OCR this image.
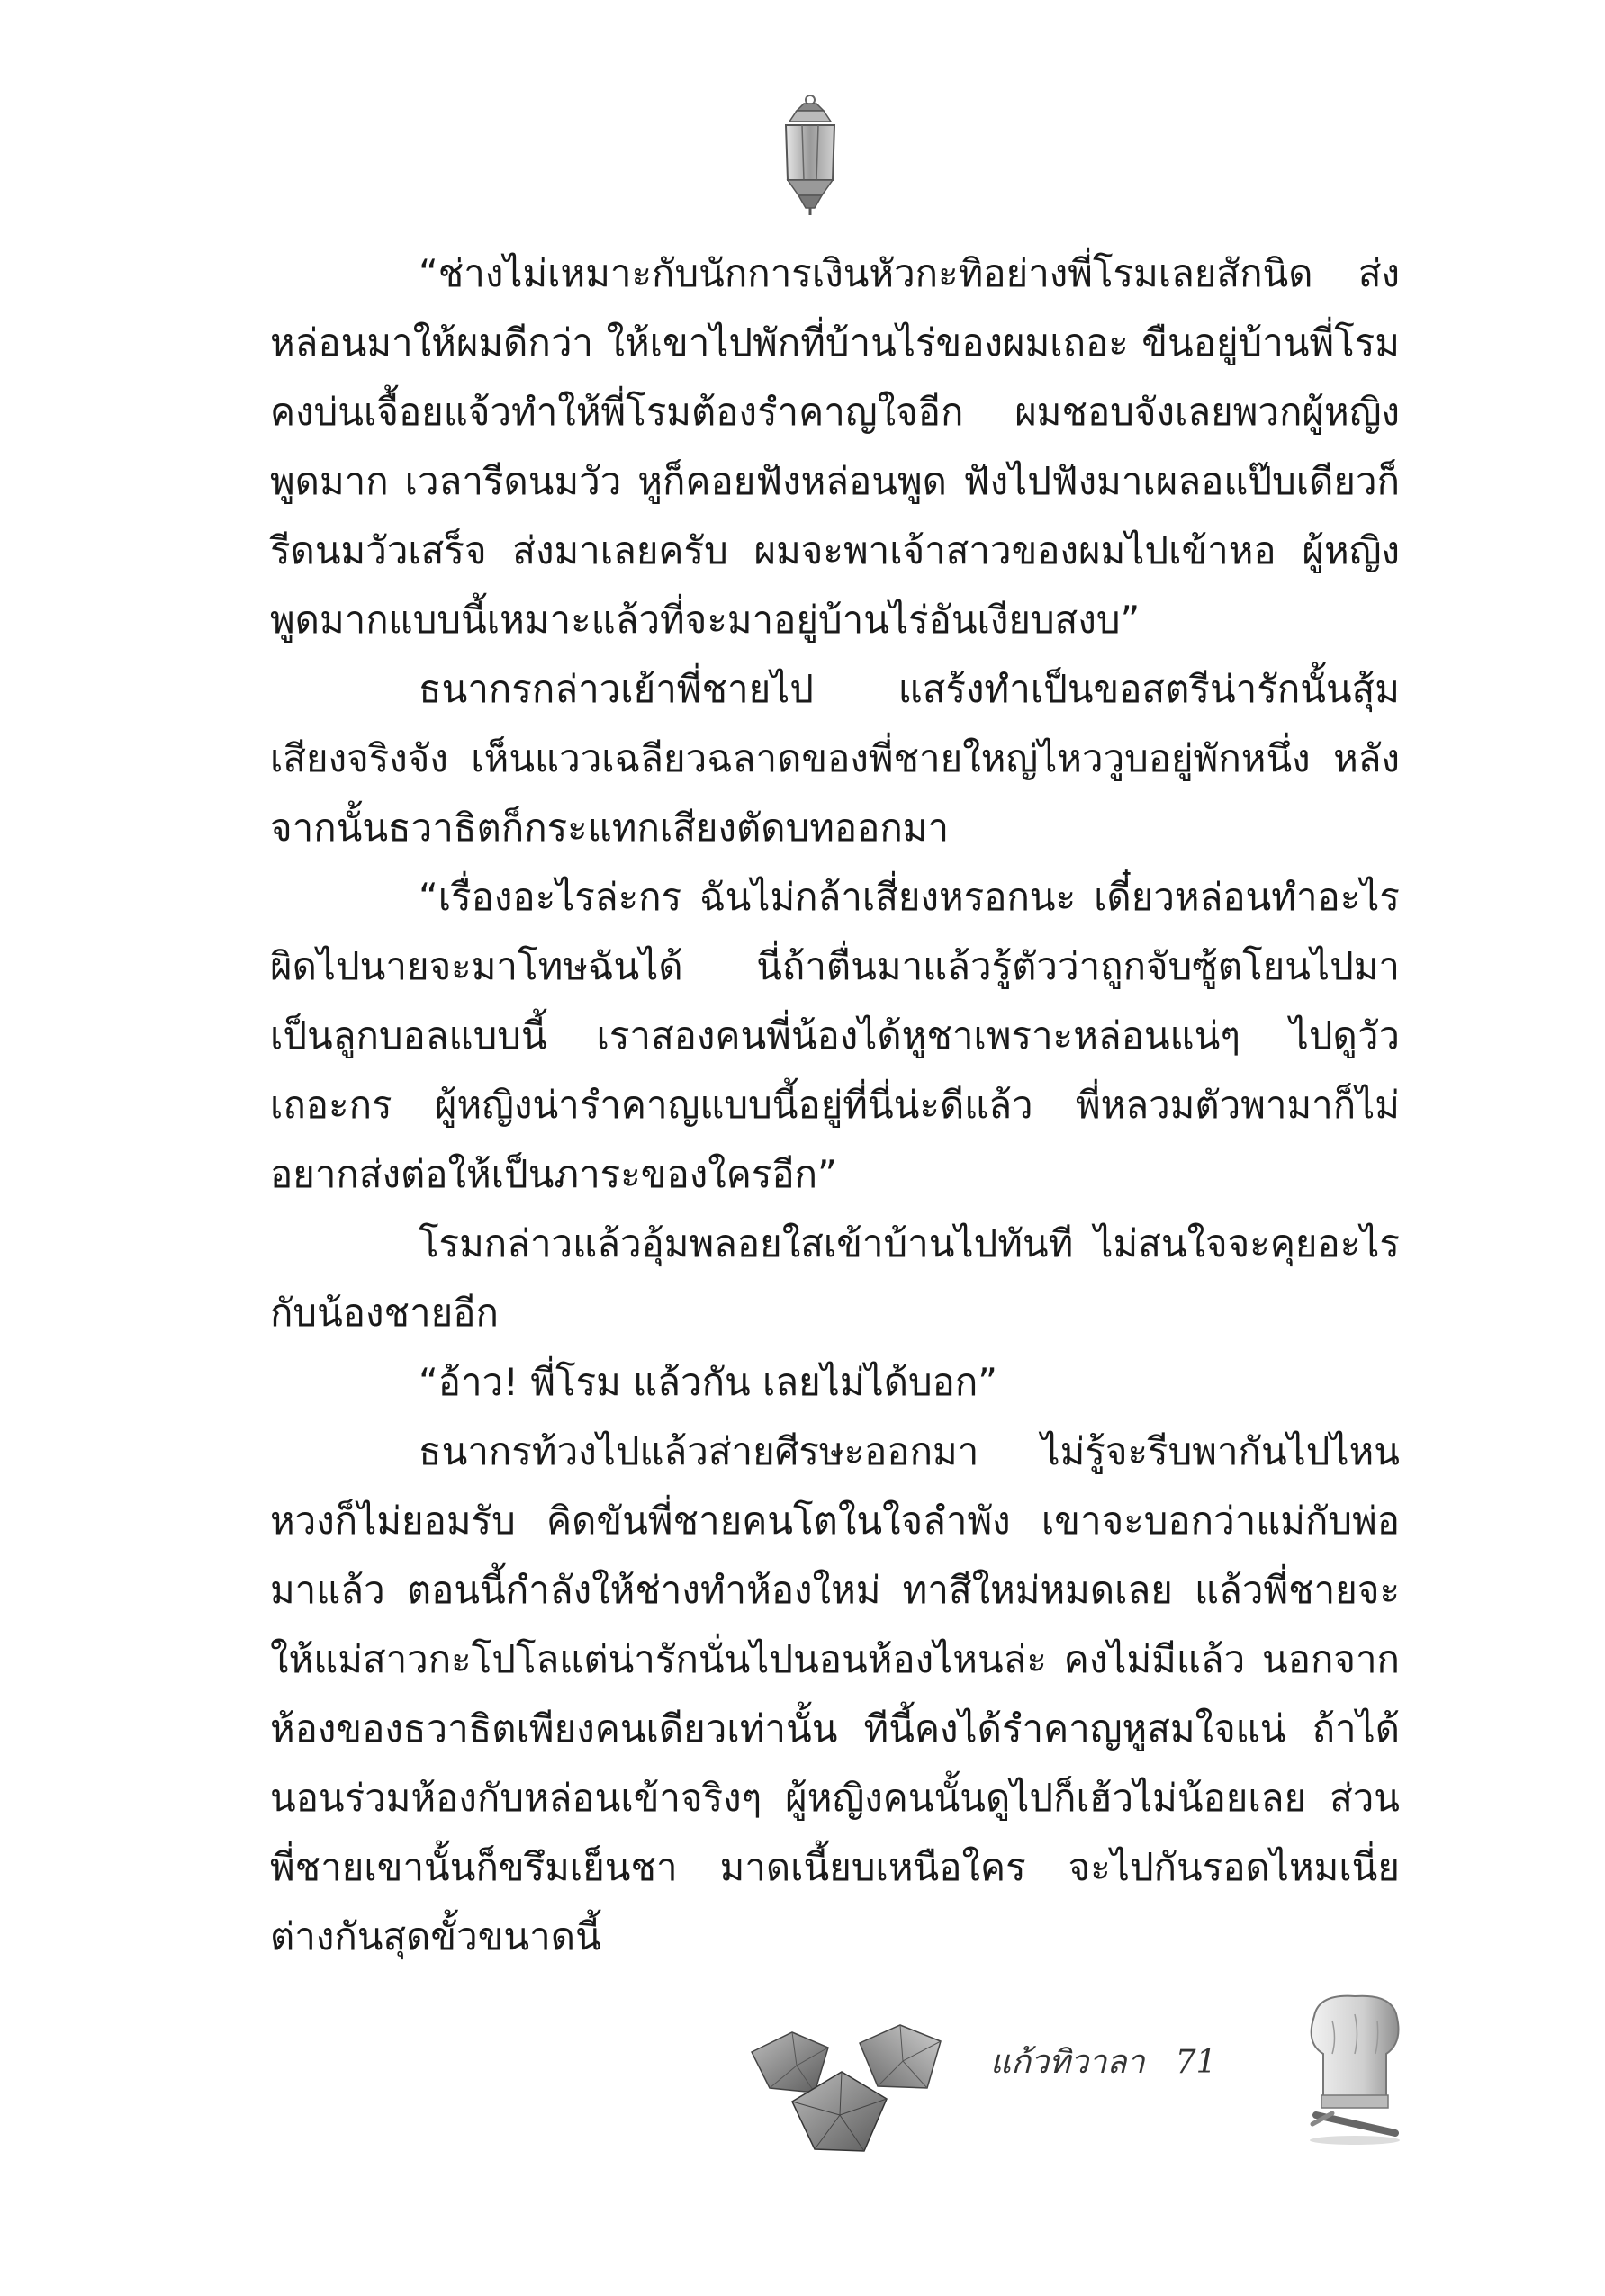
“ช่างไม่เหมาะกับนักการเงินหัวกะทิอย่างพี่โรมเลยสักนิด ส่งหล่อนมาให้ผมดีกว่า ให้เขาไปพักที่บ้านไร่ของผมเถอะ ขืนอยู่บ้านพี่โรมคงบ่นเจื้อยแจ้วทำให้พี่โรมต้องรำคาญใจอีก ผมชอบจังเลยพวกผู้หญิงพูดมาก เวลารีดนมวัว หูก็คอยฟังหล่อนพูด ฟังไปฟังมาเผลอแป๊บเดียวก็รีดนมวัวเสร็จ ส่งมาเลยครับ ผมจะพาเจ้าสาวของผมไปเข้าหอ ผู้หญิงพูดมากแบบนี้เหมาะแล้วที่จะมาอยู่บ้านไร่อันเงียบสงบ”

ธนากรกล่าวเย้าพี่ชายไป แสร้งทำเป็นขอสตรีน่ารักนั้นสุ้มเสียงจริงจัง เห็นแววเฉลียวฉลาดของพี่ชายใหญ่ไหววูบอยู่พักหนึ่ง หลังจากนั้นธวาธิตก็กระแทกเสียงตัดบทออกมา

“เรื่องอะไรล่ะกร ฉันไม่กล้าเสี่ยงหรอกนะ เดี๋ยวหล่อนทำอะไรผิดไปนายจะมาโทษฉันได้ นี่ถ้าตื่นมาแล้วรู้ตัวว่าถูกจับซู้ตโยนไปมาเป็นลูกบอลแบบนี้ เราสองคนพี่น้องได้หูชาเพราะหล่อนแน่ๆ ไปดูวัวเถอะกร ผู้หญิงน่ารำคาญแบบนี้อยู่ที่นี่น่ะดีแล้ว พี่หลวมตัวพามาก็ไม่อยากส่งต่อให้เป็นภาระของใครอีก”

โรมกล่าวแล้วอุ้มพลอยใสเข้าบ้านไปทันที ไม่สนใจจะคุยอะไรกับน้องชายอีก

“อ้าว! พี่โรม แล้วกัน เลยไม่ได้บอก”

ธนากรท้วงไปแล้วส่ายศีรษะออกมา ไม่รู้จะรีบพากันไปไหนหวงก็ไม่ยอมรับ คิดขันพี่ชายคนโตในใจลำพัง เขาจะบอกว่าแม่กับพ่อมาแล้ว ตอนนี้กำลังให้ช่างทำห้องใหม่ ทาสีใหม่หมดเลย แล้วพี่ชายจะให้แม่สาวกะโปโลแต่น่ารักนั่นไปนอนห้องไหนล่ะ คงไม่มีแล้ว นอกจากห้องของธวาธิตเพียงคนเดียวเท่านั้น ทีนี้คงได้รำคาญหูสมใจแน่ ถ้าได้นอนร่วมห้องกับหล่อนเข้าจริงๆ ผู้หญิงคนนั้นดูไปก็เฮ้วไม่น้อยเลย ส่วนพี่ชายเขานั้นก็ขรึมเย็นชา มาดเนี้ยบเหนือใคร จะไปกันรอดไหมเนี่ยต่างกันสุดขั้วขนาดนี้

แก้วทิวาลา 71
